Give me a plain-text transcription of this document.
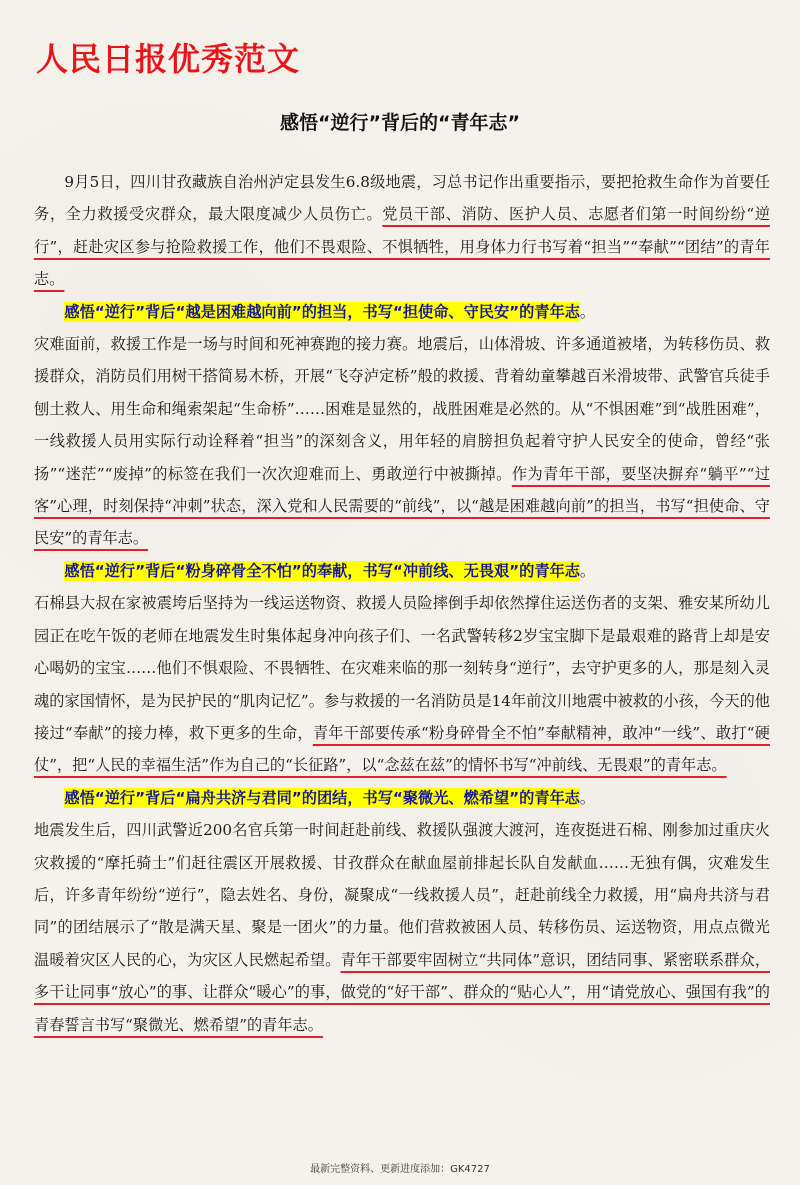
人民日报优秀范文
感悟“逆行”背后的“青年志”

9月5日，四川甘孜藏族自治州泸定县发生6.8级地震，习总书记作出重要指示，要把抢救生命作为首要任务，全力救援受灾群众，最大限度减少人员伤亡。党员干部、消防、医护人员、志愿者们第一时间纷纷“逆行”，赶赴灾区参与抢险救援工作，他们不畏艰险、不惧牺牲，用身体力行书写着“担当”“奉献”“团结”的青年志。

感悟“逆行”背后“越是困难越向前”的担当，书写“担使命、守民安”的青年志。

灾难面前，救援工作是一场与时间和死神赛跑的接力赛。地震后，山体滑坡、许多通道被堵，为转移伤员、救援群众，消防员们用树干搭简易木桥，开展“飞夺泸定桥”般的救援、背着幼童攀越百米滑坡带、武警官兵徒手刨土救人、用生命和绳索架起“生命桥”……困难是显然的，战胜困难是必然的。从“不惧困难”到“战胜困难”，一线救援人员用实际行动诠释着“担当”的深刻含义，用年轻的肩膀担负起着守护人民安全的使命，曾经“张扬”“迷茫”“废掉”的标签在我们一次次迎难而上、勇敢逆行中被撕掉。作为青年干部，要坚决摒弃“躺平”“过客”心理，时刻保持“冲刺”状态，深入党和人民需要的“前线”，以“越是困难越向前”的担当，书写“担使命、守民安”的青年志。

感悟“逆行”背后“粉身碎骨全不怕”的奉献，书写“冲前线、无畏艰”的青年志。

石棉县大叔在家被震垮后坚持为一线运送物资、救援人员险摔倒手却依然撑住运送伤者的支架、雅安某所幼儿园正在吃午饭的老师在地震发生时集体起身冲向孩子们、一名武警转移2岁宝宝脚下是最艰难的路背上却是安心喝奶的宝宝……他们不惧艰险、不畏牺牲、在灾难来临的那一刻转身“逆行”，去守护更多的人，那是刻入灵魂的家国情怀，是为民护民的“肌肉记忆”。参与救援的一名消防员是14年前汶川地震中被救的小孩，今天的他接过“奉献”的接力棒，救下更多的生命，青年干部要传承“粉身碎骨全不怕”奉献精神，敢冲“一线”、敢打“硬仗”，把“人民的幸福生活”作为自己的“长征路”，以“念兹在兹”的情怀书写“冲前线、无畏艰”的青年志。

感悟“逆行”背后“扁舟共济与君同”的团结，书写“聚微光、燃希望”的青年志。

地震发生后，四川武警近200名官兵第一时间赶赴前线、救援队强渡大渡河，连夜挺进石棉、刚参加过重庆火灾救援的“摩托骑士”们赶往震区开展救援、甘孜群众在献血屋前排起长队自发献血……无独有偶，灾难发生后，许多青年纷纷“逆行”，隐去姓名、身份，凝聚成“一线救援人员”，赶赴前线全力救援，用“扁舟共济与君同”的团结展示了“散是满天星、聚是一团火”的力量。他们营救被困人员、转移伤员、运送物资，用点点微光温暖着灾区人民的心，为灾区人民燃起希望。青年干部要牢固树立“共同体”意识，团结同事、紧密联系群众，多干让同事“放心”的事、让群众“暖心”的事，做党的“好干部”、群众的“贴心人”，用“请党放心、强国有我”的青春誓言书写“聚微光、燃希望”的青年志。

最新完整资料、更新进度添加：GK4727
